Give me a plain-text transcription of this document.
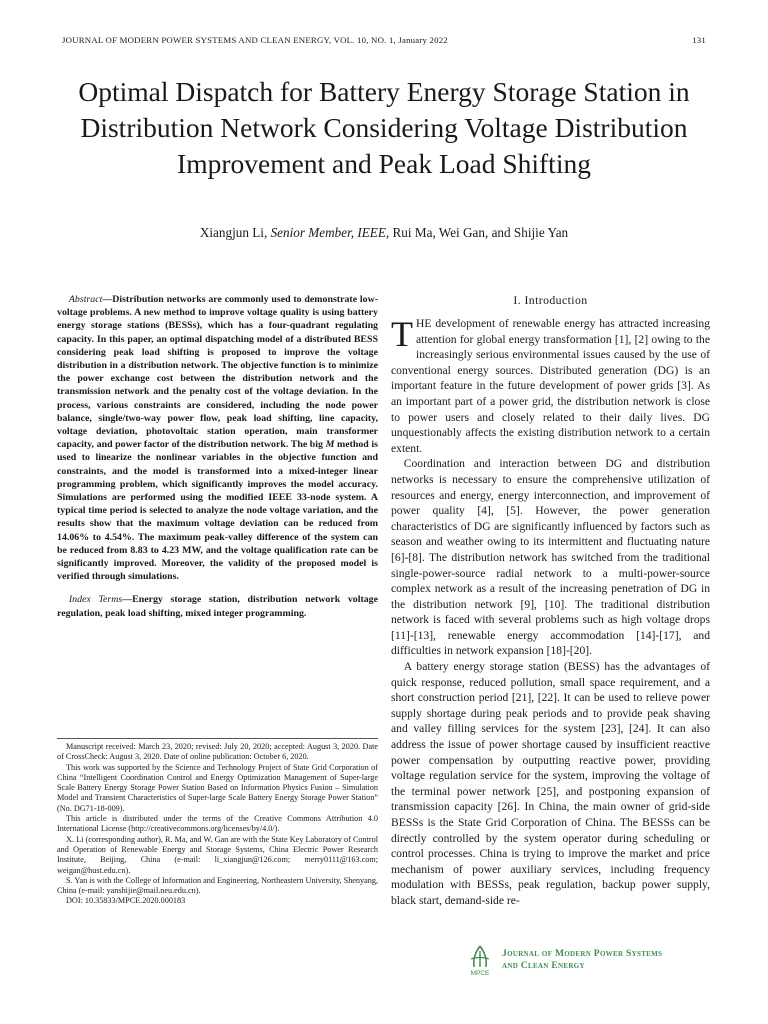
JOURNAL OF MODERN POWER SYSTEMS AND CLEAN ENERGY, VOL. 10, NO. 1, January 2022	131
Optimal Dispatch for Battery Energy Storage Station in Distribution Network Considering Voltage Distribution Improvement and Peak Load Shifting
Xiangjun Li, Senior Member, IEEE, Rui Ma, Wei Gan, and Shijie Yan

Abstract—Distribution networks are commonly used to demonstrate low-voltage problems. A new method to improve voltage quality is using battery energy storage stations (BESSs), which has a four-quadrant regulating capacity. In this paper, an optimal dispatching model of a distributed BESS considering peak load shifting is proposed to improve the voltage distribution in a distribution network. The objective function is to minimize the power exchange cost between the distribution network and the transmission network and the penalty cost of the voltage deviation. In the process, various constraints are considered, including the node power balance, single/two-way power flow, peak load shifting, line capacity, voltage deviation, photovoltaic station operation, main transformer capacity, and power factor of the distribution network. The big M method is used to linearize the nonlinear variables in the objective function and constraints, and the model is transformed into a mixed-integer linear programming problem, which significantly improves the model accuracy. Simulations are performed using the modified IEEE 33-node system. A typical time period is selected to analyze the node voltage variation, and the results show that the maximum voltage deviation can be reduced from 14.06% to 4.54%. The maximum peak-valley difference of the system can be reduced from 8.83 to 4.23 MW, and the voltage qualification rate can be significantly improved. Moreover, the validity of the proposed model is verified through simulations.

Index Terms—Energy storage station, distribution network voltage regulation, peak load shifting, mixed integer programming.

Manuscript received: March 23, 2020; revised: July 20, 2020; accepted: August 3, 2020. Date of CrossCheck: August 3, 2020. Date of online publication: October 6, 2020.

This work was supported by the Science and Technology Project of State Grid Corporation of China “Intelligent Coordination Control and Energy Optimization Management of Super-large Scale Battery Energy Storage Power Station Based on Information Physics Fusion – Simulation Model and Transient Characteristics of Super-large Scale Battery Energy Storage Power Station” (No. DG71-18-009).

This article is distributed under the terms of the Creative Commons Attribution 4.0 International License (http://creativecommons.org/licenses/by/4.0/).

X. Li (corresponding author), R. Ma, and W. Gan are with the State Key Laboratory of Control and Operation of Renewable Energy and Storage Systems, China Electric Power Research Institute, Beijing, China (e-mail: li_xiangjun@126.com; merry0111@163.com; weigan@hust.edu.cn).

S. Yan is with the College of Information and Engineering, Northeastern University, Shenyang, China (e-mail: yanshijie@mail.neu.edu.cn).

DOI: 10.35833/MPCE.2020.000183

I. Introduction

THE development of renewable energy has attracted increasing attention for global energy transformation [1], [2] owing to the increasingly serious environmental issues caused by the use of conventional energy sources. Distributed generation (DG) is an important feature in the future development of power grids [3]. As an important part of a power grid, the distribution network is close to power users and closely related to their daily lives. DG unquestionably affects the existing distribution network to a certain extent.

Coordination and interaction between DG and distribution networks is necessary to ensure the comprehensive utilization of resources and energy, energy interconnection, and improvement of power quality [4], [5]. However, the power generation characteristics of DG are significantly influenced by factors such as season and weather owing to its intermittent and fluctuating nature [6]-[8]. The distribution network has switched from the traditional single-power-source radial network to a multi-power-source complex network as a result of the increasing penetration of DG in the distribution network [9], [10]. The traditional distribution network is faced with several problems such as high voltage drops [11]-[13], renewable energy accommodation [14]-[17], and difficulties in network expansion [18]-[20].

A battery energy storage station (BESS) has the advantages of quick response, reduced pollution, small space requirement, and a short construction period [21], [22]. It can be used to relieve power supply shortage during peak periods and to provide peak shaving and valley filling services for the system [23], [24]. It can also address the issue of power shortage caused by insufficient reactive power compensation by outputting reactive power, providing voltage regulation service for the system, improving the voltage of the terminal power network [25], and postponing expansion of transmission capacity [26]. In China, the main owner of grid-side BESSs is the State Grid Corporation of China. The BESSs can be directly controlled by the system operator during scheduling or control processes. China is trying to improve the market and price mechanism of power auxiliary services, including frequency modulation with BESSs, peak regulation, backup power supply, black start, demand-side re-

MPCE
Journal of Modern Power Systems
and Clean Energy
